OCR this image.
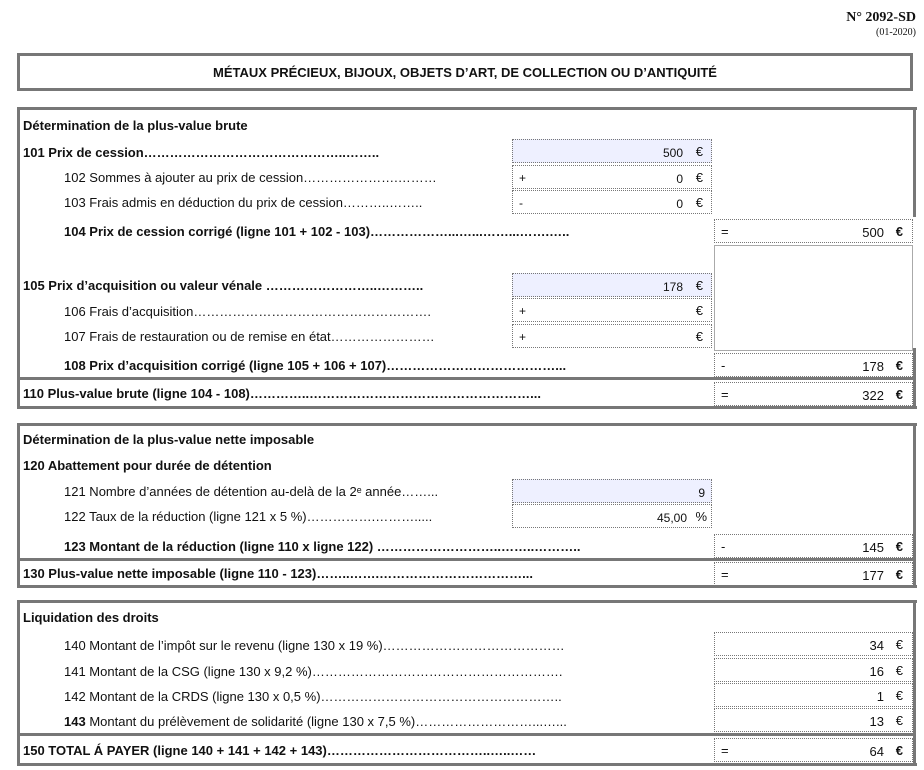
N° 2092-SD
(01-2020)
MÉTAUX PRÉCIEUX, BIJOUX, OBJETS D’ART, DE COLLECTION OU D’ANTIQUITÉ
Détermination de la plus-value brute
101 Prix de cession………………………………………..……..	500 €
102 Sommes à ajouter au prix de cession………………….………	+	0 €
103 Frais admis en déduction du prix de cession………..……..	-	0 €
104 Prix de cession corrigé (ligne 101 + 102 - 103)………………...…...……...…….…..	=	500 €
105 Prix d’acquisition ou valeur vénale ……………………..………..	178 €
106 Frais d’acquisition……………………………………………….	+	€
107 Frais de restauration ou de remise en état……………………	+	€
108 Prix d’acquisition corrigé (ligne 105 + 106 + 107)…………………………………...	-	178 €
110 Plus-value brute (ligne 104 - 108)…………..……………………………………………...	=	322 €
Détermination de la plus-value nette imposable
120 Abattement pour durée de détention
121 Nombre d’années de détention au-delà de la 2ᵉ année……...	9
122 Taux de la réduction (ligne 121 x 5 %)…………….……….....	45,00 %
123 Montant de la réduction (ligne 110 x ligne 122) ………………………..……..………..	-	145 €
130 Plus-value nette imposable (ligne 110 - 123)……..…….……………………………...	=	177 €
Liquidation des droits
140 Montant de l’impôt sur le revenu (ligne 130 x 19 %)……………………………………	34 €
141 Montant de la CSG (ligne 130 x 9,2 %)………………………………………………….	16 €
142 Montant de la CRDS (ligne 130 x 0,5 %)………………………………………………..	1 €
143 Montant du prélèvement de solidarité (ligne 130 x 7,5 %)………………………...…...	13 €
150 TOTAL Á PAYER (ligne 140 + 141 + 142 + 143)………………………………..…..……	=	64 €
